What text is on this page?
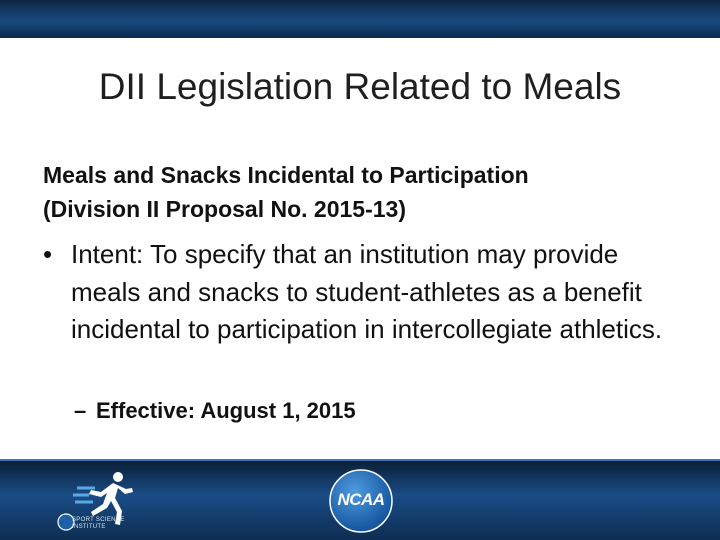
DII Legislation Related to Meals
Meals and Snacks Incidental to Participation
(Division II Proposal No. 2015-13)
• Intent: To specify that an institution may provide meals and snacks to student-athletes as a benefit incidental to participation in intercollegiate athletics.
– Effective: August 1, 2015
SPORT SCIENCE INSTITUTE
NCAA
